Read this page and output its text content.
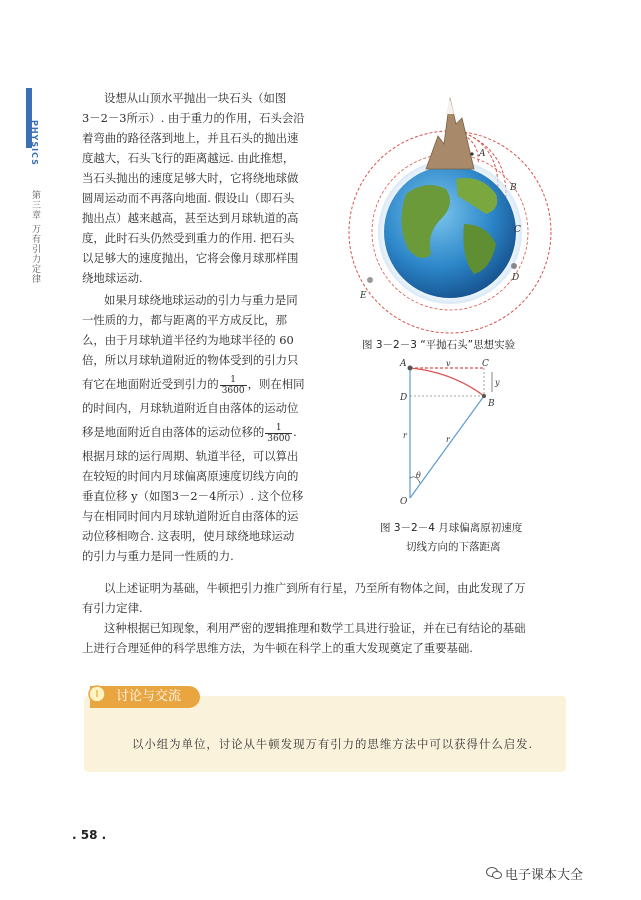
PHYSICS
第三章 万有引力定律
设想从山顶水平抛出一块石头（如图
3－2－3所示）. 由于重力的作用，石头会沿
着弯曲的路径落到地上，并且石头的抛出速
度越大，石头飞行的距离越远. 由此推想，
当石头抛出的速度足够大时，它将绕地球做
圆周运动而不再落向地面. 假设山（即石头
抛出点）越来越高，甚至达到月球轨道的高
度，此时石头仍然受到重力的作用. 把石头
以足够大的速度抛出，它将会像月球那样围
绕地球运动.
如果月球绕地球运动的引力与重力是同
一性质的力，都与距离的平方成反比，那
么，由于月球轨道半径约为地球半径的 60
倍，所以月球轨道附近的物体受到的引力只
有它在地面附近受到引力的 $\frac{1}{3600}$ ，则在相同
的时间内，月球轨道附近自由落体的运动位
移是地面附近自由落体的运动位移的 $\frac{1}{3600}$ .
根据月球的运行周期、轨道半径，可以算出
在较短的时间内月球偏离原速度切线方向的
垂直位移 y（如图3－2－4所示）. 这个位移
与在相同时间内月球轨道附近自由落体的运
动位移相吻合. 这表明，使月球绕地球运动
的引力与重力是同一性质的力.
以上述证明为基础，牛顿把引力推广到所有行星，乃至所有物体之间，由此发现了万
有引力定律.
这种根据已知现象，利用严密的逻辑推理和数学工具进行验证，并在已有结论的基础
上进行合理延伸的科学思维方法，为牛顿在科学上的重大发现奠定了重要基础.
A
B
C
D
E
图 3－2－3 “平抛石头”思想实验
A
B
C
D
O
v
y
r	r
θ
图 3－2－4 月球偏离原初速度
切线方向的下落距离
讨论与交流
以小组为单位，讨论从牛顿发现万有引力的思维方法中可以获得什么启发.
. 58 .
电子课本大全
